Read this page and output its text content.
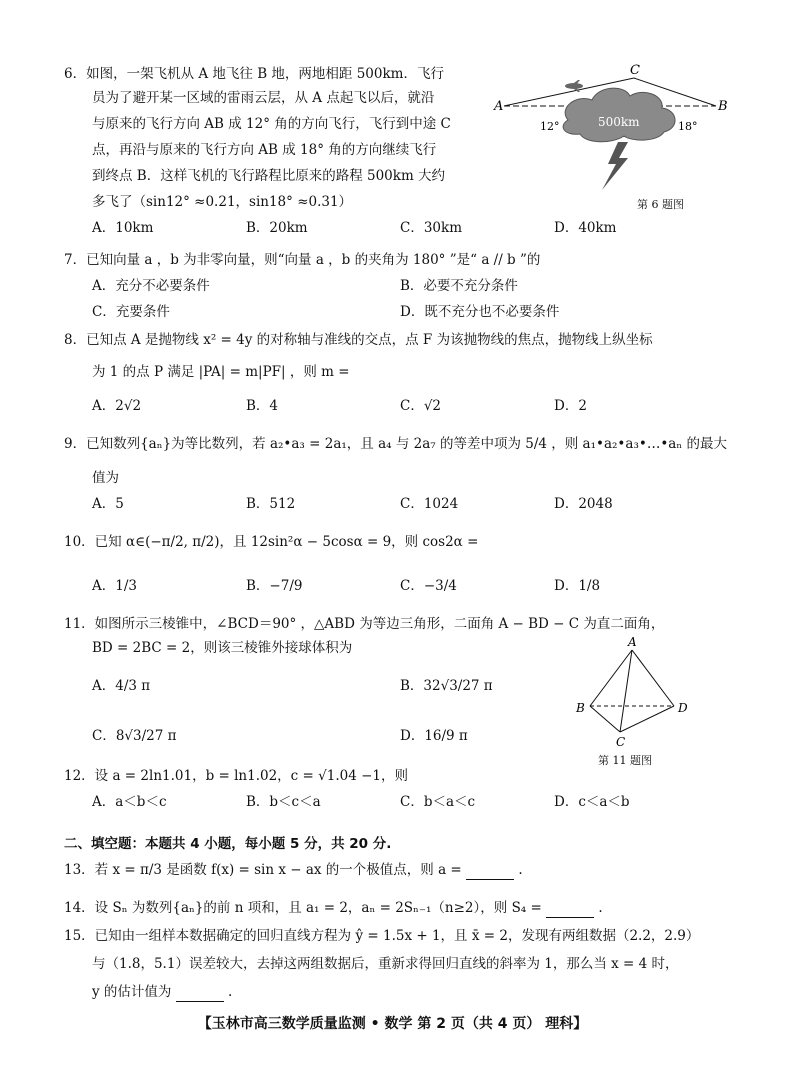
6．如图，一架飞机从 A 地飞往 B 地，两地相距 500km．飞行
员为了避开某一区域的雷雨云层，从 A 点起飞以后，就沿
与原来的飞行方向 AB 成 12° 角的方向飞行，飞行到中途 C
点，再沿与原来的飞行方向 AB 成 18° 角的方向继续飞行
到终点 B．这样飞机的飞行路程比原来的路程 500km 大约
多飞了（sin12° ≈0.21，sin18° ≈0.31）
A．10km	B．20km	C．30km	D．40km
500km
A	B
C
12°	18°
第 6 题图
7．已知向量 a ，b 为非零向量，则“向量 a ，b 的夹角为 180° ”是“ a // b ”的
A．充分不必要条件	B．必要不充分条件
C．充要条件	D．既不充分也不必要条件
8．已知点 A 是抛物线 x² = 4y 的对称轴与准线的交点，点 F 为该抛物线的焦点，抛物线上纵坐标
为 1 的点 P 满足 |PA| = m|PF| ，则 m =
A．2√2	B．4	C．√2	D．2
9．已知数列{aₙ}为等比数列，若 a₂•a₃ = 2a₁，且 a₄ 与 2a₇ 的等差中项为 5/4 ，则 a₁•a₂•a₃•…•aₙ 的最大
值为
A．5	B．512	C．1024	D．2048
10．已知 α∈(−π/2, π/2)，且 12sin²α − 5cosα = 9，则 cos2α =
A．1/3	B．−7/9	C．−3/4	D．1/8
11．如图所示三棱锥中，∠BCD＝90° ，△ABD 为等边三角形，二面角 A − BD − C 为直二面角，
BD = 2BC = 2，则该三棱锥外接球体积为
A．4/3 π	B．32√3/27 π
C．8√3/27 π	D．16/9 π
A
B	D
C
第 11 题图
12．设 a = 2ln1.01，b = ln1.02，c = √1.04 −1，则
A．a＜b＜c	B．b＜c＜a	C．b＜a＜c	D．c＜a＜b
二、填空题：本题共 4 小题，每小题 5 分，共 20 分.
13．若 x = π/3 是函数 f(x) = sin x − ax 的一个极值点，则 a =	.
14．设 Sₙ 为数列{aₙ}的前 n 项和，且 a₁ = 2，aₙ = 2Sₙ₋₁（n≥2），则 S₄ =	.
15．已知由一组样本数据确定的回归直线方程为 ŷ = 1.5x + 1，且 x̄ = 2，发现有两组数据（2.2，2.9）
与（1.8，5.1）误差较大，去掉这两组数据后，重新求得回归直线的斜率为 1，那么当 x = 4 时，
y 的估计值为	.
【玉林市高三数学质量监测 • 数学 第 2 页（共 4 页） 理科】
